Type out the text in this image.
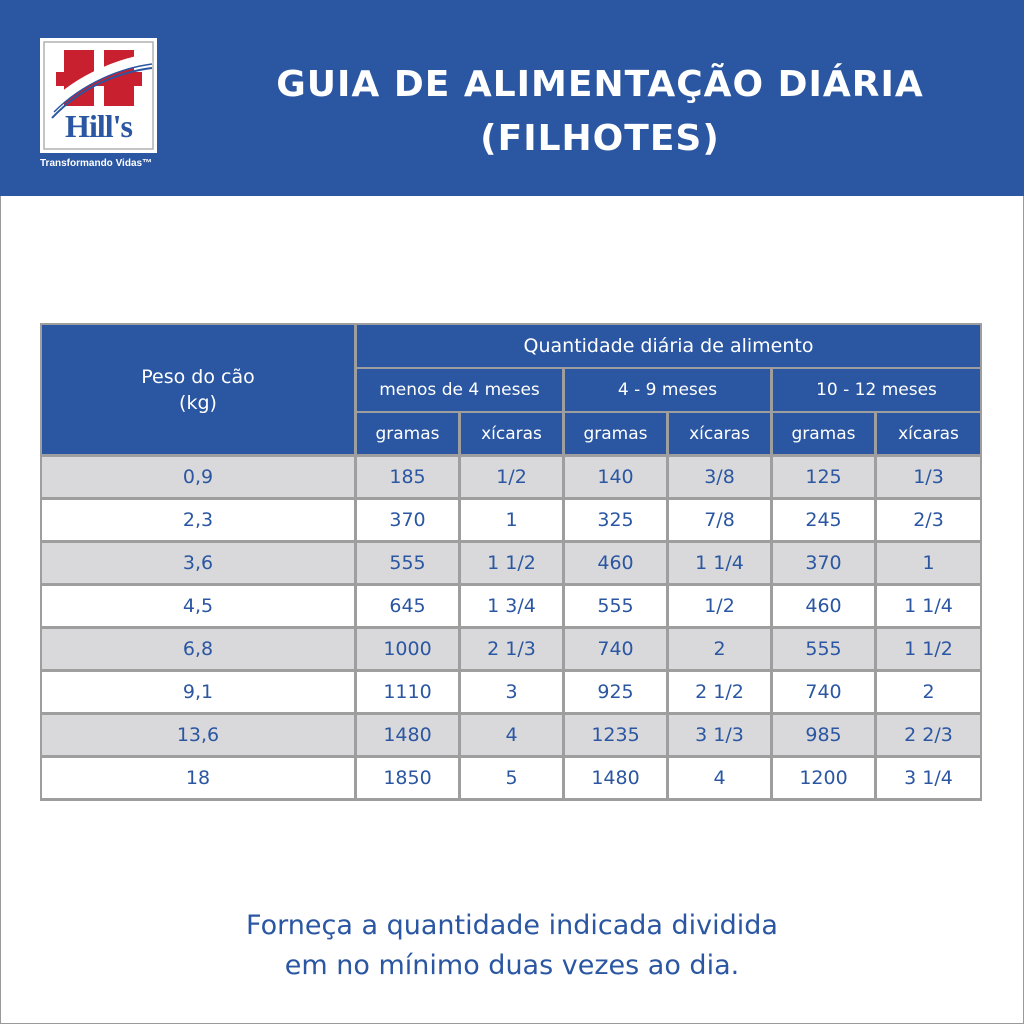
Hill's
Transformando Vidas™
GUIA DE ALIMENTAÇÃO DIÁRIA
(FILHOTES)
Peso do cão
(kg)
Quantidade diária de alimento
menos de 4 meses	4 - 9 meses	10 - 12 meses
gramas	xícaras	gramas	xícaras	gramas	xícaras
0,9	185	1/2	140	3/8	125	1/3
2,3	370	1	325	7/8	245	2/3
3,6	555	1 1/2	460	1 1/4	370	1
4,5	645	1 3/4	555	1/2	460	1 1/4
6,8	1000	2 1/3	740	2	555	1 1/2
9,1	1110	3	925	2 1/2	740	2
13,6	1480	4	1235	3 1/3	985	2 2/3
18	1850	5	1480	4	1200	3 1/4

Forneça a quantidade indicada dividida
em no mínimo duas vezes ao dia.
